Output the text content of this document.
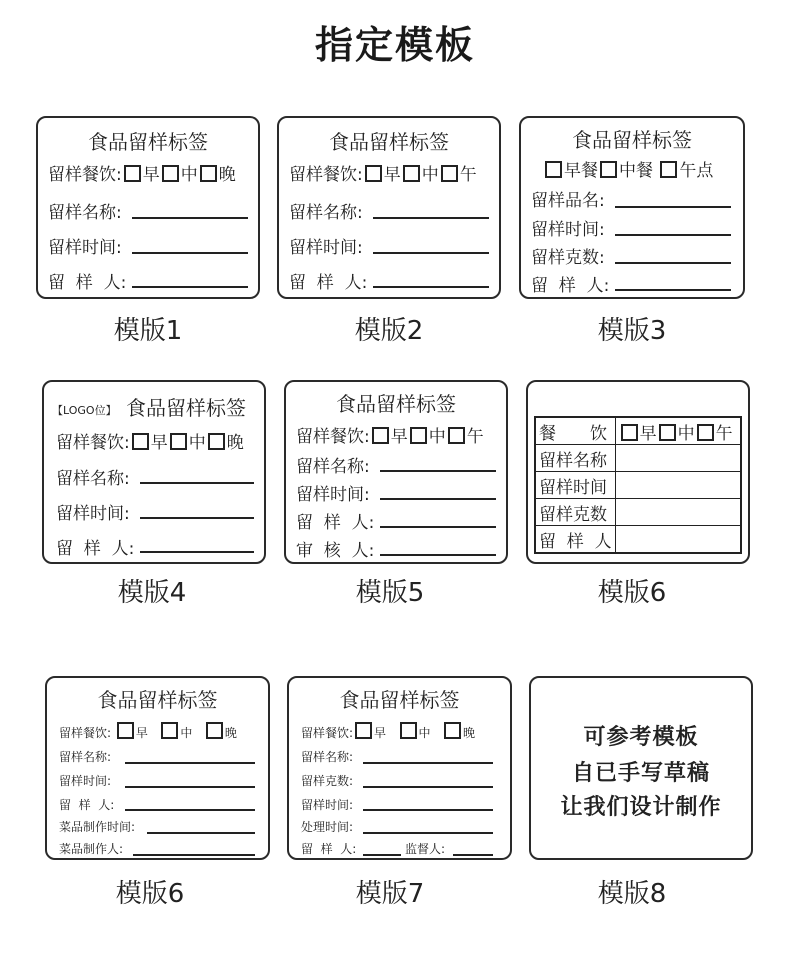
指定模板
食品留样标签
留样餐饮: 早 中 晚
留样名称:
留样时间:
留  样  人:
模版1
食品留样标签
留样餐饮: 早 中 午
留样名称:
留样时间:
留  样  人:
模版2
食品留样标签
早餐 中餐 午点
留样品名:
留样时间:
留样克数:
留  样  人:
模版3
【LOGO位】 食品留样标签
留样餐饮: 早 中 晚
留样名称:
留样时间:
留  样  人:
模版4
食品留样标签
留样餐饮: 早 中 午
留样名称:
留样时间:
留  样  人:
审  核  人:
模版5
餐　　饮	早 中 午
留样名称	
留样时间	
留样克数	
留  样  人	
模版6
食品留样标签
留样餐饮: 早	中	晚
留样名称:
留样时间:
留  样  人:
菜品制作时间:
菜品制作人:
模版6
食品留样标签
留样餐饮: 早	中	晚
留样名称:
留样克数:
留样时间:
处理时间:
留  样  人:	监督人:
模版7
可参考模板
自已手写草稿
让我们设计制作
模版8
